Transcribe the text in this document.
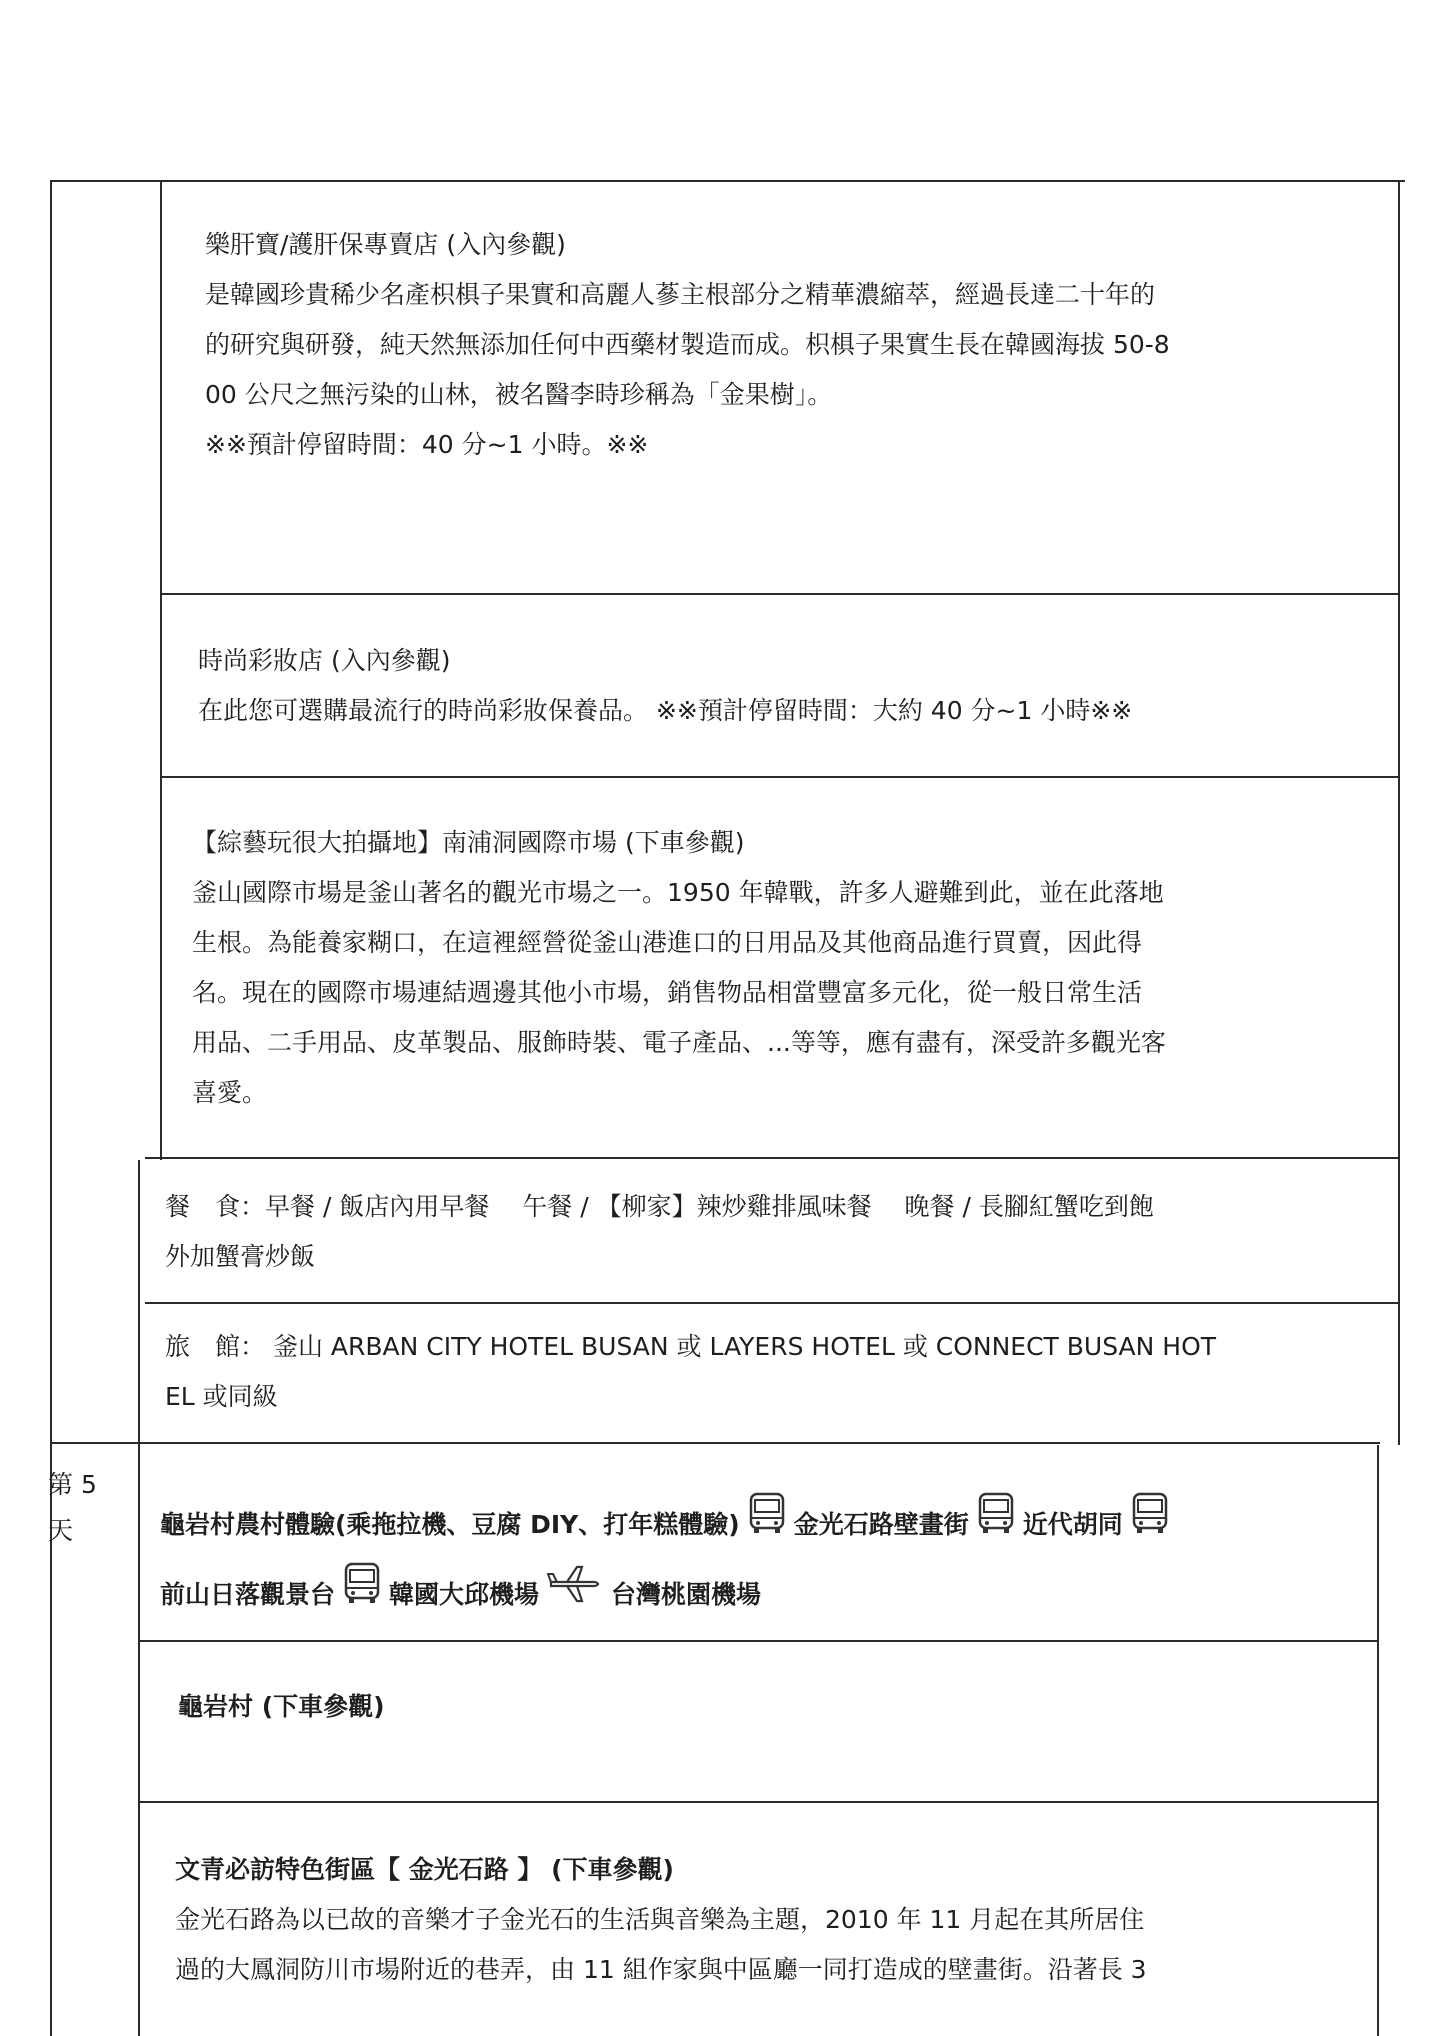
樂肝寶/護肝保專賣店 (入內參觀)
是韓國珍貴稀少名產枳椇子果實和高麗人蔘主根部分之精華濃縮萃，經過長達二十年的
的研究與研發，純天然無添加任何中西藥材製造而成。枳椇子果實生長在韓國海拔 50-8
00 公尺之無污染的山林，被名醫李時珍稱為「金果樹」。
※※預計停留時間：40 分~1 小時。※※
時尚彩妝店 (入內參觀)
在此您可選購最流行的時尚彩妝保養品。 ※※預計停留時間：大約 40 分~1 小時※※
【綜藝玩很大拍攝地】南浦洞國際市場 (下車參觀)
釜山國際市場是釜山著名的觀光市場之一。1950 年韓戰，許多人避難到此，並在此落地
生根。為能養家糊口，在這裡經營從釜山港進口的日用品及其他商品進行買賣，因此得
名。現在的國際市場連結週邊其他小市場，銷售物品相當豐富多元化，從一般日常生活
用品、二手用品、皮革製品、服飾時裝、電子產品、...等等，應有盡有，深受許多觀光客
喜愛。
餐　食：早餐 / 飯店內用早餐　 午餐 / 【柳家】辣炒雞排風味餐　 晚餐 / 長腳紅蟹吃到飽
外加蟹膏炒飯
旅　館： 釜山 ARBAN CITY HOTEL BUSAN 或 LAYERS HOTEL 或 CONNECT BUSAN HOT
EL 或同級
第 5
天	龜岩村農村體驗(乘拖拉機、豆腐 DIY、打年糕體驗) 金光石路壁畫街 近代胡同
前山日落觀景台 韓國大邱機場	台灣桃園機場
龜岩村 (下車參觀)
文青必訪特色街區【 金光石路 】 (下車參觀)
金光石路為以已故的音樂才子金光石的生活與音樂為主題，2010 年 11 月起在其所居住
過的大鳳洞防川市場附近的巷弄，由 11 組作家與中區廳一同打造成的壁畫街。沿著長 3
